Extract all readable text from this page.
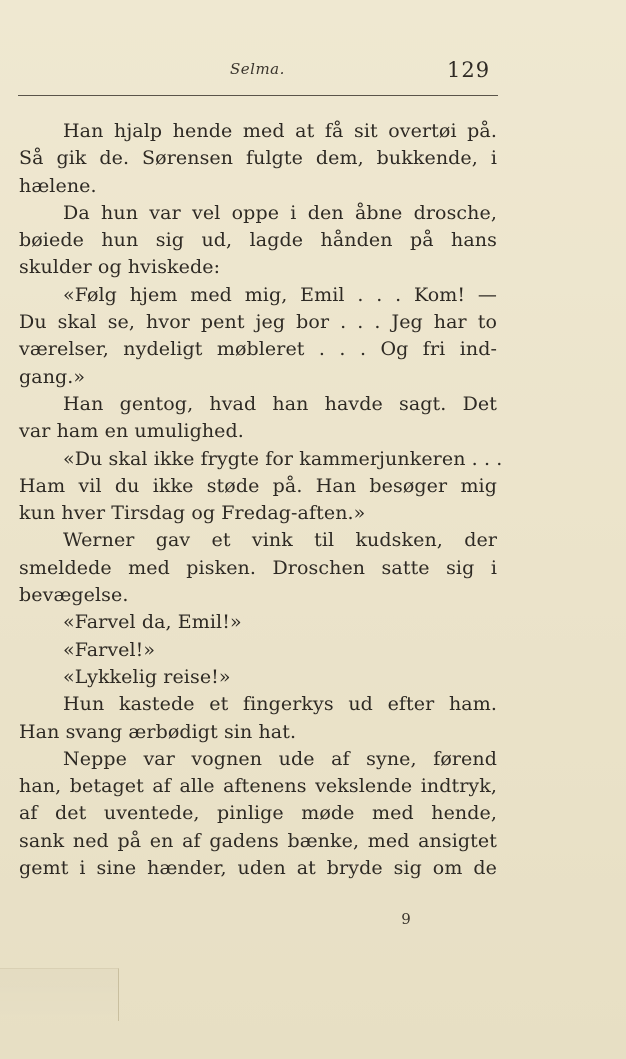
Selma.	129
Han hjalp hende med at få sit overtøi på.
Så gik de. Sørensen fulgte dem, bukkende, i
hælene.
Da hun var vel oppe i den åbne drosche,
bøiede hun sig ud, lagde hånden på hans
skulder og hviskede:
«Følg hjem med mig, Emil . . . Kom! —
Du skal se, hvor pent jeg bor . . . Jeg har to
værelser, nydeligt møbleret . . . Og fri ind-
gang.»
Han gentog, hvad han havde sagt. Det
var ham en umulighed.
«Du skal ikke frygte for kammerjunkeren . . .
Ham vil du ikke støde på. Han besøger mig
kun hver Tirsdag og Fredag-aften.»
Werner gav et vink til kudsken, der
smeldede med pisken. Droschen satte sig i
bevægelse.
«Farvel da, Emil!»
«Farvel!»
«Lykkelig reise!»
Hun kastede et fingerkys ud efter ham.
Han svang ærbødigt sin hat.
Neppe var vognen ude af syne, førend
han, betaget af alle aftenens vekslende indtryk,
af det uventede, pinlige møde med hende,
sank ned på en af gadens bænke, med ansigtet
gemt i sine hænder, uden at bryde sig om de
9
